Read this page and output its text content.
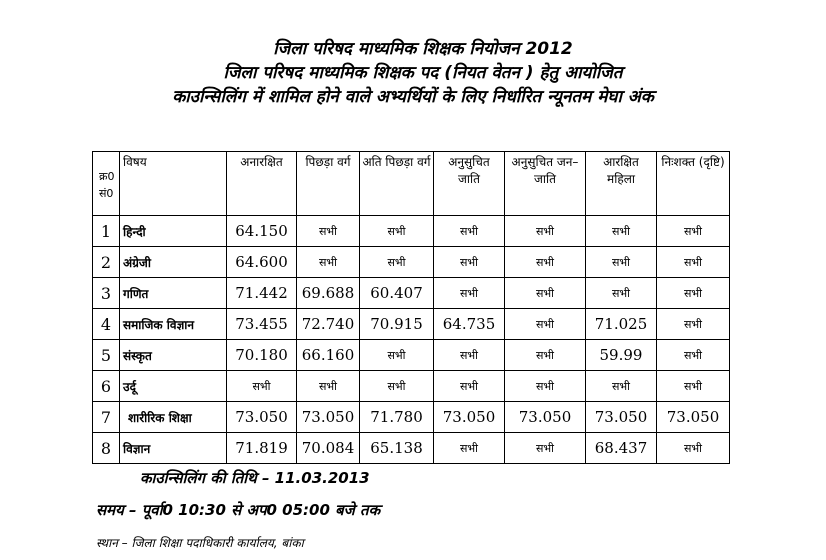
जिला परिषद माध्यमिक शिक्षक नियोजन 2012
जिला परिषद माध्यमिक शिक्षक पद (नियत वेतन ) हेतु आयोजित
काउन्सिलिंग में शामिल होने वाले अभ्यर्थियों के लिए निर्धारित न्यूनतम मेघा अंक
क्र0 सं0	विषय	अनारक्षित	पिछड़ा वर्ग	अति पिछड़ा वर्ग	अनुसुचित जाति	अनुसुचित जन–जाति	आरक्षित महिला	निःशक्त (दृष्टि)
1	हिन्दी	64.150	सभी	सभी	सभी	सभी	सभी	सभी
2	अंग्रेजी	64.600	सभी	सभी	सभी	सभी	सभी	सभी
3	गणित	71.442	69.688	60.407	सभी	सभी	सभी	सभी
4	समाजिक विज्ञान	73.455	72.740	70.915	64.735	सभी	71.025	सभी
5	संस्कृत	70.180	66.160	सभी	सभी	सभी	59.99	सभी
6	उर्दू	सभी	सभी	सभी	सभी	सभी	सभी	सभी
7	शारीरिक शिक्षा	73.050	73.050	71.780	73.050	73.050	73.050	73.050
8	विज्ञान	71.819	70.084	65.138	सभी	सभी	68.437	सभी
काउन्सिलिंग की तिथि – 11.03.2013
समय – पूर्वा0 10:30 से अप0 05:00 बजे तक
स्थान – जिला शिक्षा पदाधिकारी कार्यालय, बांका
